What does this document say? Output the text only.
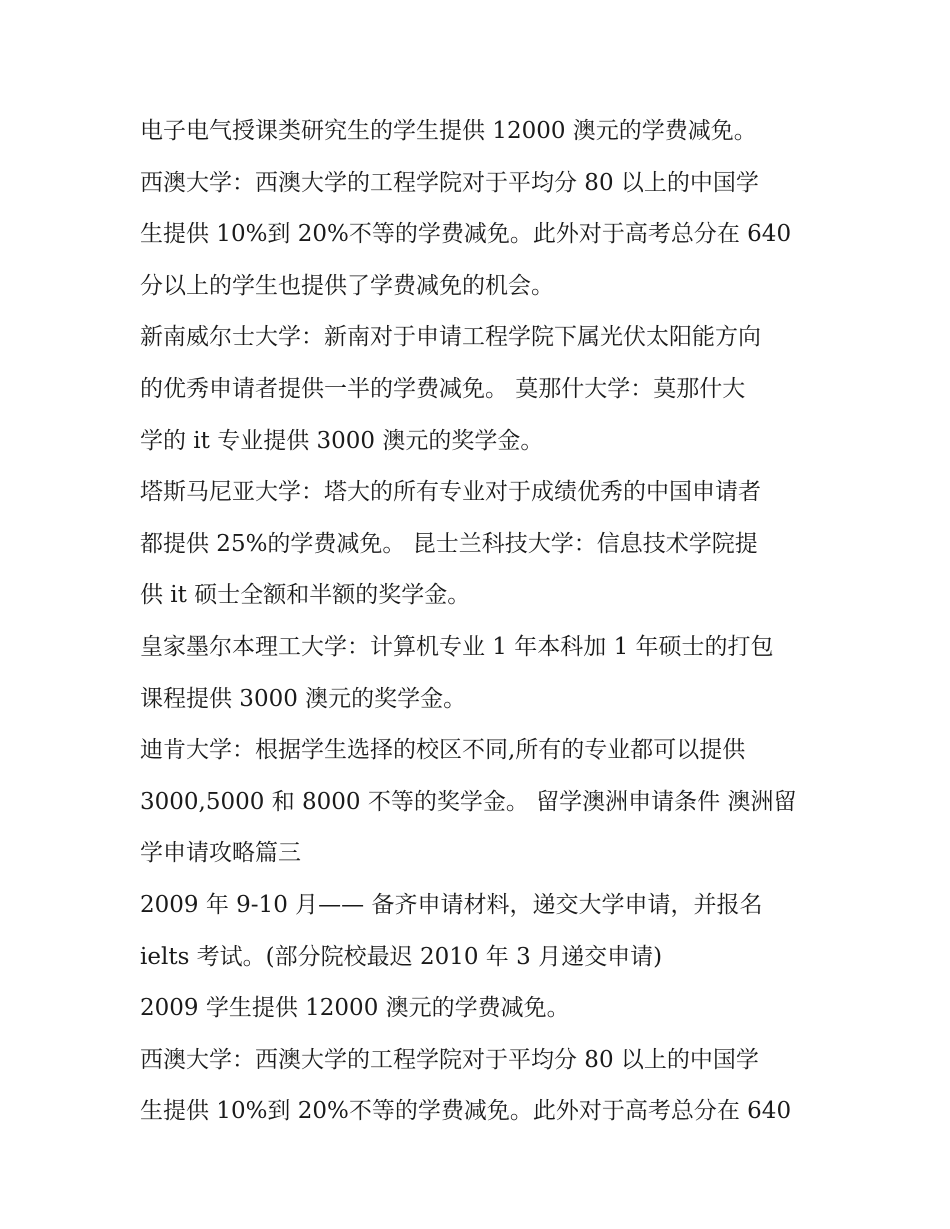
电子电气授课类研究生的学生提供 12000 澳元的学费减免。

西澳大学：西澳大学的工程学院对于平均分 80 以上的中国学

生提供 10%到 20%不等的学费减免。此外对于高考总分在 640

分以上的学生也提供了学费减免的机会。

新南威尔士大学：新南对于申请工程学院下属光伏太阳能方向

的优秀申请者提供一半的学费减免。 莫那什大学：莫那什大

学的 it 专业提供 3000 澳元的奖学金。

塔斯马尼亚大学：塔大的所有专业对于成绩优秀的中国申请者

都提供 25%的学费减免。 昆士兰科技大学：信息技术学院提

供 it 硕士全额和半额的奖学金。

皇家墨尔本理工大学：计算机专业 1 年本科加 1 年硕士的打包

课程提供 3000 澳元的奖学金。

迪肯大学：根据学生选择的校区不同,所有的专业都可以提供

3000,5000 和 8000 不等的奖学金。 留学澳洲申请条件 澳洲留

学申请攻略篇三

2009 年 9-10 月—— 备齐申请材料，递交大学申请，并报名

ielts 考试。(部分院校最迟 2010 年 3 月递交申请)

2009 学生提供 12000 澳元的学费减免。

西澳大学：西澳大学的工程学院对于平均分 80 以上的中国学

生提供 10%到 20%不等的学费减免。此外对于高考总分在 640
